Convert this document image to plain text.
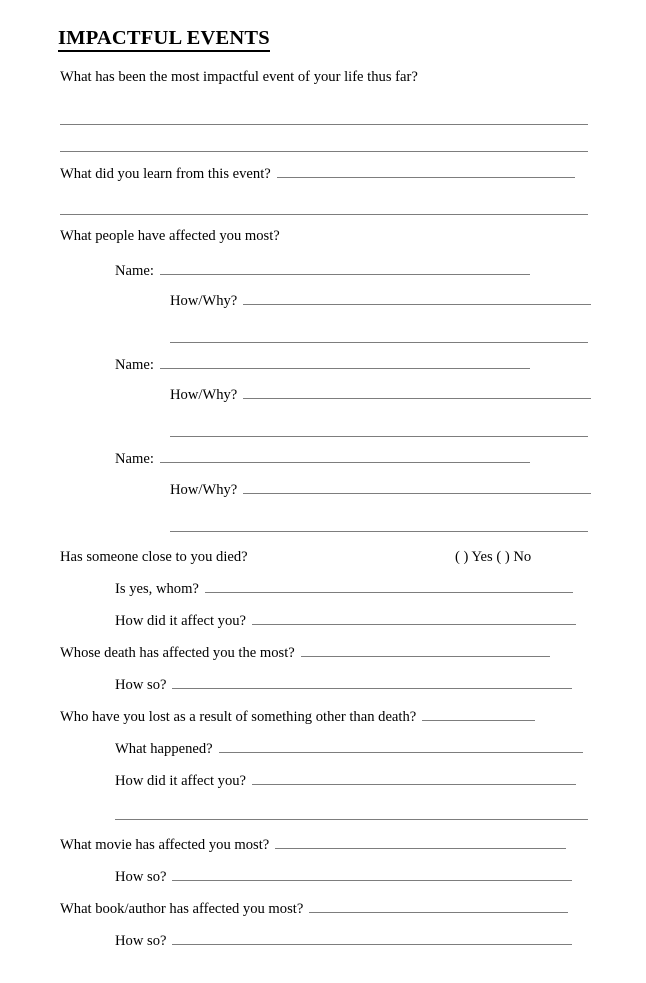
IMPACTFUL EVENTS
What has been the most impactful event of your life thus far?
What did you learn from this event?
What people have affected you most?
Name:
How/Why?
Name:
How/Why?
Name:
How/Why?
Has someone close to you died?	( ) Yes ( ) No
Is yes, whom?
How did it affect you?
Whose death has affected you the most?
How so?
Who have you lost as a result of something other than death?
What happened?
How did it affect you?
What movie has affected you most?
How so?
What book/author has affected you most?
How so?
